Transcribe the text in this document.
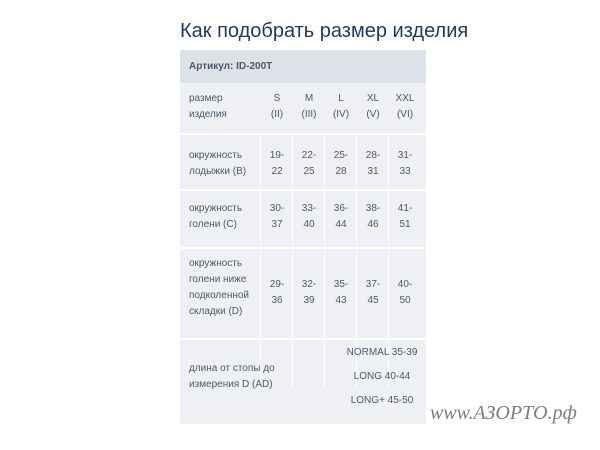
Как подобрать размер изделия
Артикул: ID-200T
размер
изделия
S
(II)
M
(III)
L
(IV)
XL
(V)
XXL
(VI)
окружность
лодыжки (B)
19-
22
22-
25
25-
28
28-
31
31-
33
окружность
голени (C)
30-
37
33-
40
36-
44
38-
46
41-
51
окружность
голени ниже
подколенной
складки (D)
29-
36
32-
39
35-
43
37-
45
40-
50
длина от стопы до
измерения D (AD)
NORMAL 35-39
LONG 40-44
LONG+ 45-50
www.АЗОРТО.рф
